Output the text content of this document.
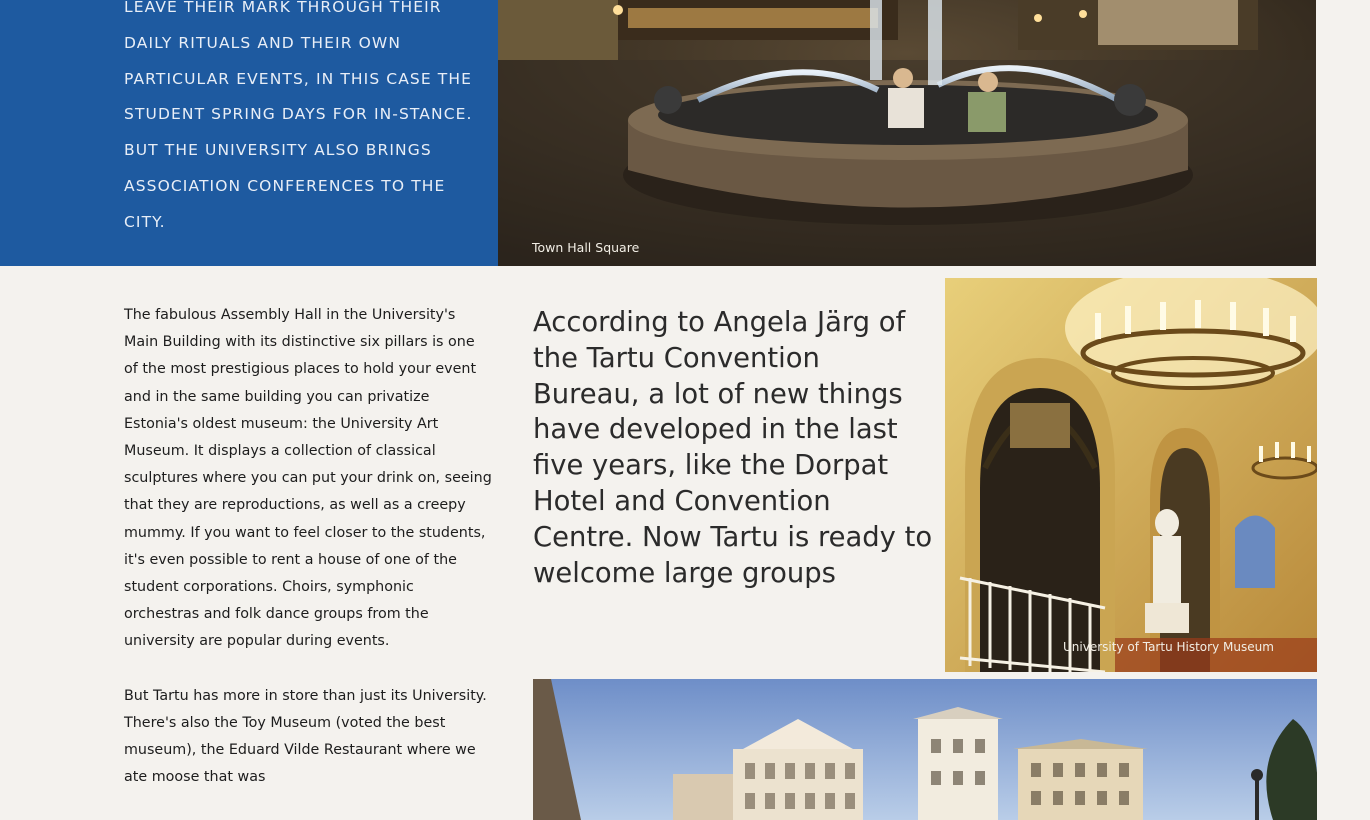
LEAVE THEIR MARK THROUGH THEIR DAILY RITUALS AND THEIR OWN PARTICULAR EVENTS, IN THIS CASE THE STUDENT SPRING DAYS FOR IN-STANCE. BUT THE UNIVERSITY ALSO BRINGS ASSOCIATION CONFERENCES TO THE CITY.
Town Hall Square

The fabulous Assembly Hall in the University's Main Building with its distinctive six pillars is one of the most prestigious places to hold your event and in the same building you can privatize Estonia's oldest museum: the University Art Museum. It displays a collection of classical sculptures where you can put your drink on, seeing that they are reproductions, as well as a creepy mummy. If you want to feel closer to the students, it's even possible to rent a house of one of the student corporations. Choirs, symphonic orchestras and folk dance groups from the university are popular during events.

But Tartu has more in store than just its University. There's also the Toy Museum (voted the best museum), the Eduard Vilde Restaurant where we ate moose that was

According to Angela Järg of the Tartu Convention Bureau, a lot of new things have developed in the last five years, like the Dorpat Hotel and Convention Centre. Now Tartu is ready to welcome large groups
University of Tartu History Museum
